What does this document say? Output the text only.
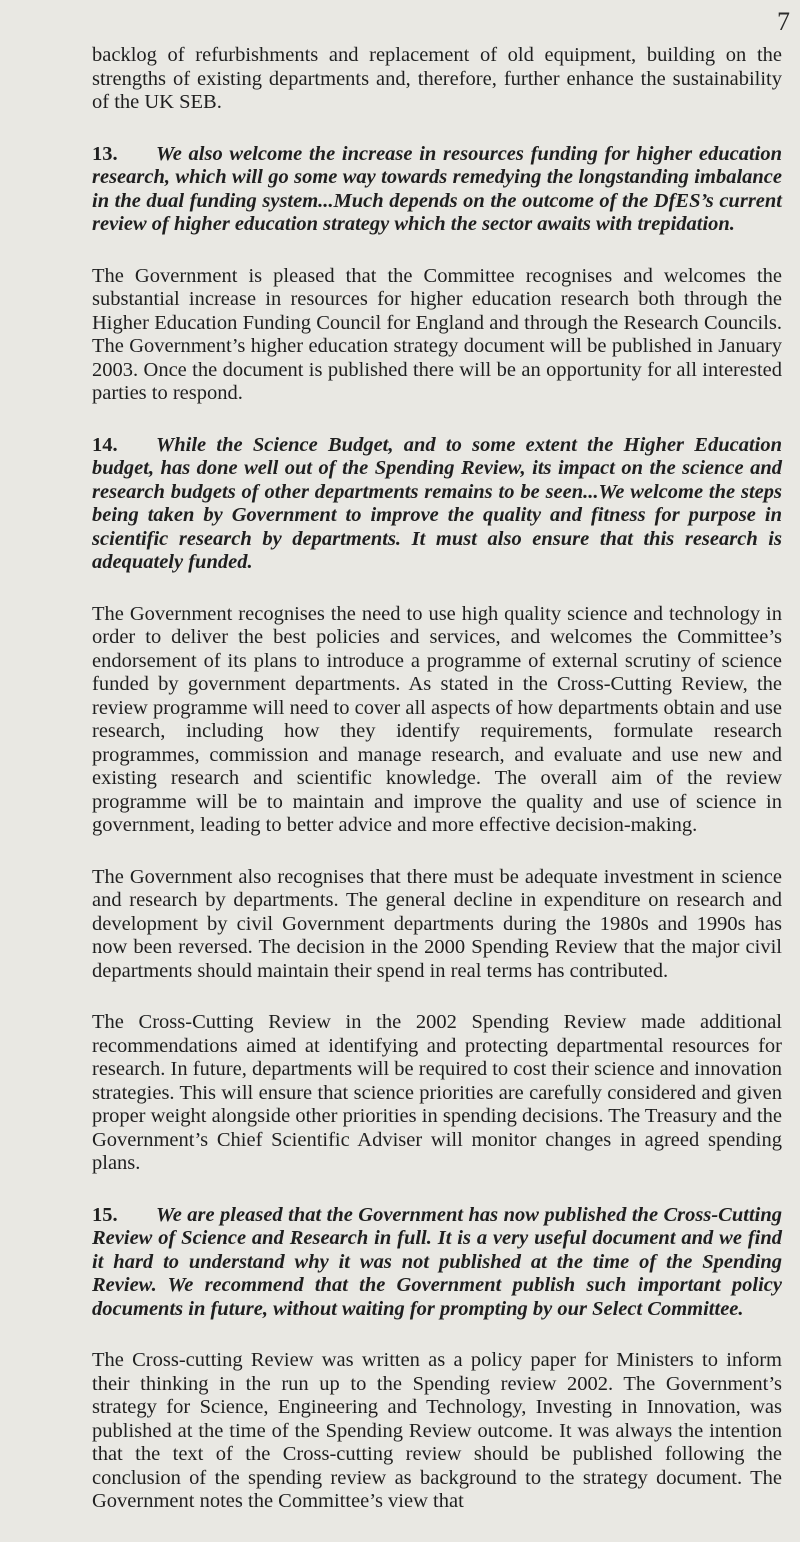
7

backlog of refurbishments and replacement of old equipment, building on the strengths of existing departments and, therefore, further enhance the sustainability of the UK SEB.

13. We also welcome the increase in resources funding for higher education research, which will go some way towards remedying the longstanding imbalance in the dual funding system...Much depends on the outcome of the DfES’s current review of higher education strategy which the sector awaits with trepidation.

The Government is pleased that the Committee recognises and welcomes the substantial increase in resources for higher education research both through the Higher Education Funding Council for England and through the Research Councils. The Government’s higher education strategy document will be published in January 2003. Once the document is published there will be an opportunity for all interested parties to respond.

14. While the Science Budget, and to some extent the Higher Education budget, has done well out of the Spending Review, its impact on the science and research budgets of other departments remains to be seen...We welcome the steps being taken by Government to improve the quality and fitness for purpose in scientific research by departments. It must also ensure that this research is adequately funded.

The Government recognises the need to use high quality science and technology in order to deliver the best policies and services, and welcomes the Committee’s endorsement of its plans to introduce a programme of external scrutiny of science funded by government departments. As stated in the Cross-Cutting Review, the review programme will need to cover all aspects of how departments obtain and use research, including how they identify requirements, formulate research programmes, commission and manage research, and evaluate and use new and existing research and scientific knowledge. The overall aim of the review programme will be to maintain and improve the quality and use of science in government, leading to better advice and more effective decision-making.

The Government also recognises that there must be adequate investment in science and research by departments. The general decline in expenditure on research and development by civil Government departments during the 1980s and 1990s has now been reversed. The decision in the 2000 Spending Review that the major civil departments should maintain their spend in real terms has contributed.

The Cross-Cutting Review in the 2002 Spending Review made additional recommendations aimed at identifying and protecting departmental resources for research. In future, departments will be required to cost their science and innovation strategies. This will ensure that science priorities are carefully considered and given proper weight alongside other priorities in spending decisions. The Treasury and the Government’s Chief Scientific Adviser will monitor changes in agreed spending plans.

15. We are pleased that the Government has now published the Cross-Cutting Review of Science and Research in full. It is a very useful document and we find it hard to understand why it was not published at the time of the Spending Review. We recommend that the Government publish such important policy documents in future, without waiting for prompting by our Select Committee.

The Cross-cutting Review was written as a policy paper for Ministers to inform their thinking in the run up to the Spending review 2002. The Government’s strategy for Science, Engineering and Technology, Investing in Innovation, was published at the time of the Spending Review outcome. It was always the intention that the text of the Cross-cutting review should be published following the conclusion of the spending review as background to the strategy document. The Government notes the Committee’s view that
